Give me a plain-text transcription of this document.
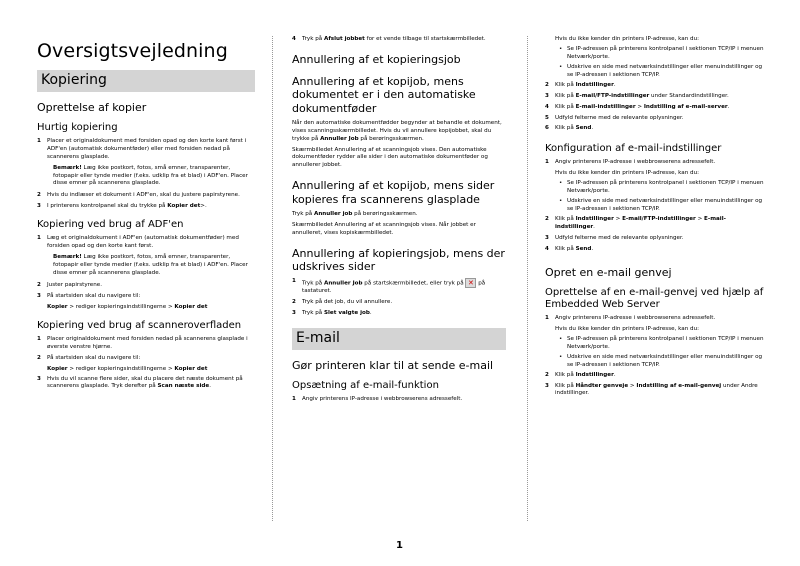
Oversigtsvejledning
Kopiering
Oprettelse af kopier
Hurtig kopiering
1	Placer et originaldokument med forsiden opad og den korte kant først i ADF'en (automatisk dokumentføder) eller med forsiden nedad på scannerens glasplade.
Bemærk! Læg ikke postkort, fotos, små emner, transparenter, fotopapir eller tynde medier (f.eks. udklip fra et blad) i ADF'en. Placer disse emner på scannerens glasplade.
2	Hvis du indlæser et dokument i ADF'en, skal du justere papirstyrene.
3	I printerens kontrolpanel skal du trykke på Kopier det>.
Kopiering ved brug af ADF'en
1	Læg et originaldokument i ADF'en (automatisk dokumentføder) med forsiden opad og den korte kant først.
Bemærk! Læg ikke postkort, fotos, små emner, transparenter, fotopapir eller tynde medier (f.eks. udklip fra et blad) i ADF'en. Placer disse emner på scannerens glasplade.
2	Juster papirstyrene.
3	På startsiden skal du navigere til:
Kopier > rediger kopieringsindstillingerne > Kopier det
Kopiering ved brug af scanneroverfladen
1	Placer originaldokument med forsiden nedad på scannerens glasplade i øverste venstre hjørne.
2	På startsiden skal du navigere til:
Kopier > rediger kopieringsindstillingerne > Kopier det
3	Hvis du vil scanne flere sider, skal du placere det næste dokument på scannerens glasplade. Tryk derefter på Scan næste side.
4	Tryk på Afslut jobbet for et vende tilbage til startskærmbilledet.
Annullering af et kopieringsjob
Annullering af et kopijob, mens dokumentet er i den automatiske dokumentføder

Når den automatiske dokumentfødder begynder at behandle et dokument, vises scanningsskærmbilledet. Hvis du vil annullere kopijobbet, skal du trykke på Annuller Job på berøringsskærmen.

Skærmbilledet Annullering af et scanningsjob vises. Den automatiske dokumentføder rydder alle sider i den automatiske dokumentføder og annullerer jobbet.

Annullering af et kopijob, mens sider kopieres fra scannerens glasplade

Tryk på Annuller job på berøringsskærmen.

Skærmbilledet Annullering af et scanningsjob vises. Når jobbet er annulleret, vises kopiskærmbilledet.

Annullering af kopieringsjob, mens der udskrives sider
1	Tryk på Annuller Job på startskærmbilledet, eller tryk på ✕ på tastaturet.
2	Tryk på det job, du vil annullere.
3	Tryk på Slet valgte job.
E-mail
Gør printeren klar til at sende e-mail
Opsætning af e-mail-funktion
1	Angiv printerens IP-adresse i webbrowserens adressefelt.

Hvis du ikke kender din printers IP-adresse, kan du:

• Se IP-adressen på printerens kontrolpanel i sektionen TCP/IP i menuen Netværk/porte.
• Udskrive en side med netværksindstillinger eller menuindstillinger og se IP-adressen i sektionen TCP/IP.
2	Klik på Indstillinger.
3	Klik på E-mail/FTP-indstillinger under Standardindstillinger.
4	Klik på E-mail-indstillinger > Indstilling af e-mail-server.
5	Udfyld felterne med de relevante oplysninger.
6	Klik på Send.
Konfiguration af e-mail-indstillinger
1	Angiv printerens IP-adresse i webbrowserens adressefelt.

Hvis du ikke kender din printers IP-adresse, kan du:

• Se IP-adressen på printerens kontrolpanel i sektionen TCP/IP i menuen Netværk/porte.
• Udskrive en side med netværksindstillinger eller menuindstillinger og se IP-adressen i sektionen TCP/IP.
2	Klik på Indstillinger > E-mail/FTP-indstillinger > E-mail-indstillinger.
3	Udfyld felterne med de relevante oplysninger.
4	Klik på Send.
Opret en e-mail genvej
Oprettelse af en e-mail-genvej ved hjælp af Embedded Web Server
1	Angiv printerens IP-adresse i webbrowserens adressefelt.

Hvis du ikke kender din printers IP-adresse, kan du:

• Se IP-adressen på printerens kontrolpanel i sektionen TCP/IP i menuen Netværk/porte.
• Udskrive en side med netværksindstillinger eller menuindstillinger og se IP-adressen i sektionen TCP/IP.
2	Klik på Indstillinger.
3	Klik på Håndter genveje > Indstilling af e-mail-genvej under Andre indstillinger.
1
